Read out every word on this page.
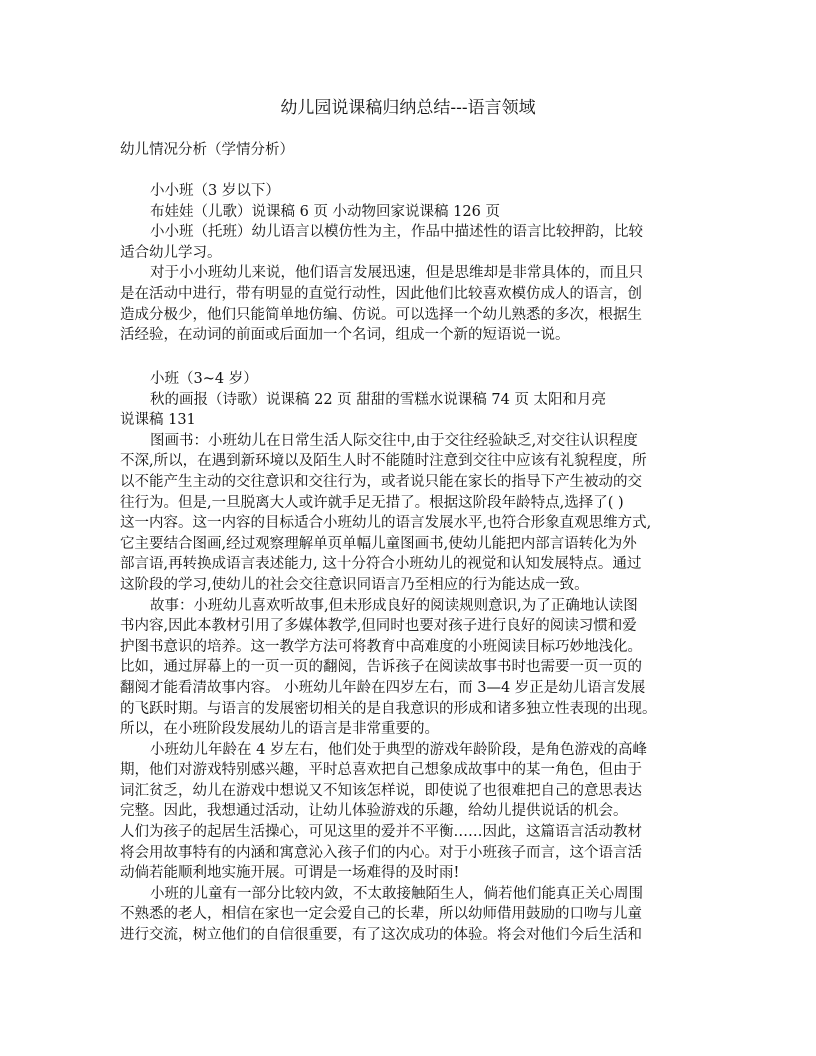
幼儿园说课稿归纳总结---语言领域
幼儿情况分析（学情分析）
小小班（3 岁以下）
布娃娃（儿歌）说课稿 6 页 小动物回家说课稿 126 页
小小班（托班）幼儿语言以模仿性为主，作品中描述性的语言比较押韵，比较
适合幼儿学习。
对于小小班幼儿来说，他们语言发展迅速，但是思维却是非常具体的，而且只
是在活动中进行，带有明显的直觉行动性，因此他们比较喜欢模仿成人的语言，创
造成分极少，他们只能简单地仿编、仿说。可以选择一个幼儿熟悉的多次，根据生
活经验，在动词的前面或后面加一个名词，组成一个新的短语说一说。
小班（3~4 岁）
秋的画报（诗歌）说课稿 22 页 甜甜的雪糕水说课稿 74 页 太阳和月亮
说课稿 131
图画书：小班幼儿在日常生活人际交往中,由于交往经验缺乏,对交往认识程度
不深,所以，在遇到新环境以及陌生人时不能随时注意到交往中应该有礼貌程度，所
以不能产生主动的交往意识和交往行为，或者说只能在家长的指导下产生被动的交
往行为。但是,一旦脱离大人或许就手足无措了。根据这阶段年龄特点,选择了( )
这一内容。这一内容的目标适合小班幼儿的语言发展水平,也符合形象直观思维方式,
它主要结合图画,经过观察理解单页单幅儿童图画书,使幼儿能把内部言语转化为外
部言语,再转换成语言表述能力, 这十分符合小班幼儿的视觉和认知发展特点。通过
这阶段的学习,使幼儿的社会交往意识同语言乃至相应的行为能达成一致。
故事：小班幼儿喜欢听故事,但未形成良好的阅读规则意识,为了正确地认读图
书内容,因此本教材引用了多媒体教学,但同时也要对孩子进行良好的阅读习惯和爱
护图书意识的培养。这一教学方法可将教育中高难度的小班阅读目标巧妙地浅化。
比如，通过屏幕上的一页一页的翻阅，告诉孩子在阅读故事书时也需要一页一页的
翻阅才能看清故事内容。 小班幼儿年龄在四岁左右，而 3—4 岁正是幼儿语言发展
的飞跃时期。与语言的发展密切相关的是自我意识的形成和诸多独立性表现的出现。
所以，在小班阶段发展幼儿的语言是非常重要的。
小班幼儿年龄在 4 岁左右，他们处于典型的游戏年龄阶段，是角色游戏的高峰
期，他们对游戏特别感兴趣，平时总喜欢把自己想象成故事中的某一角色，但由于
词汇贫乏，幼儿在游戏中想说又不知该怎样说，即使说了也很难把自己的意思表达
完整。因此，我想通过活动，让幼儿体验游戏的乐趣，给幼儿提供说话的机会。
人们为孩子的起居生活操心，可见这里的爱并不平衡……因此，这篇语言活动教材
将会用故事特有的内涵和寓意沁入孩子们的内心。对于小班孩子而言，这个语言活
动倘若能顺利地实施开展。可谓是一场难得的及时雨!
小班的儿童有一部分比较内敛，不太敢接触陌生人，倘若他们能真正关心周围
不熟悉的老人，相信在家也一定会爱自己的长辈，所以幼师借用鼓励的口吻与儿童
进行交流，树立他们的自信很重要，有了这次成功的体验。将会对他们今后生活和
